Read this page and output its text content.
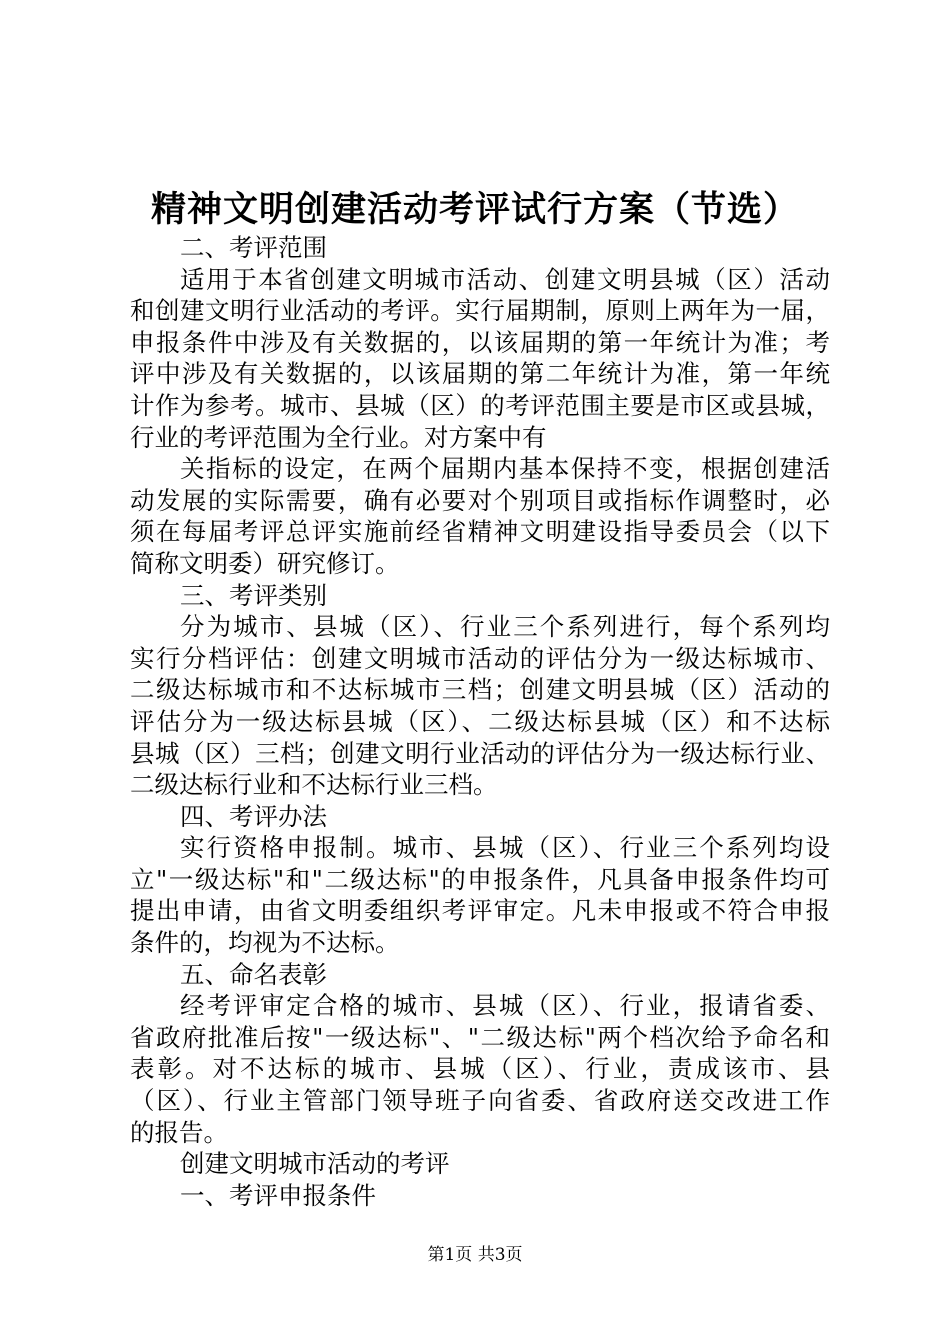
精神文明创建活动考评试行方案（节选）
二、考评范围
适用于本省创建文明城市活动、创建文明县城（区）活动
和创建文明行业活动的考评。实行届期制，原则上两年为一届，
申报条件中涉及有关数据的，以该届期的第一年统计为准；考
评中涉及有关数据的，以该届期的第二年统计为准，第一年统
计作为参考。城市、县城（区）的考评范围主要是市区或县城，
行业的考评范围为全行业。对方案中有
关指标的设定，在两个届期内基本保持不变，根据创建活
动发展的实际需要，确有必要对个别项目或指标作调整时，必
须在每届考评总评实施前经省精神文明建设指导委员会（以下
简称文明委）研究修订。
三、考评类别
分为城市、县城（区）、行业三个系列进行，每个系列均
实行分档评估：创建文明城市活动的评估分为一级达标城市、
二级达标城市和不达标城市三档；创建文明县城（区）活动的
评估分为一级达标县城（区）、二级达标县城（区）和不达标
县城（区）三档；创建文明行业活动的评估分为一级达标行业、
二级达标行业和不达标行业三档。
四、考评办法
实行资格申报制。城市、县城（区）、行业三个系列均设
立"一级达标"和"二级达标"的申报条件，凡具备申报条件均可
提出申请，由省文明委组织考评审定。凡未申报或不符合申报
条件的，均视为不达标。
五、命名表彰
经考评审定合格的城市、县城（区）、行业，报请省委、
省政府批准后按"一级达标"、"二级达标"两个档次给予命名和
表彰。对不达标的城市、县城（区）、行业，责成该市、县
（区）、行业主管部门领导班子向省委、省政府送交改进工作
的报告。
创建文明城市活动的考评
一、考评申报条件
第1页 共3页
